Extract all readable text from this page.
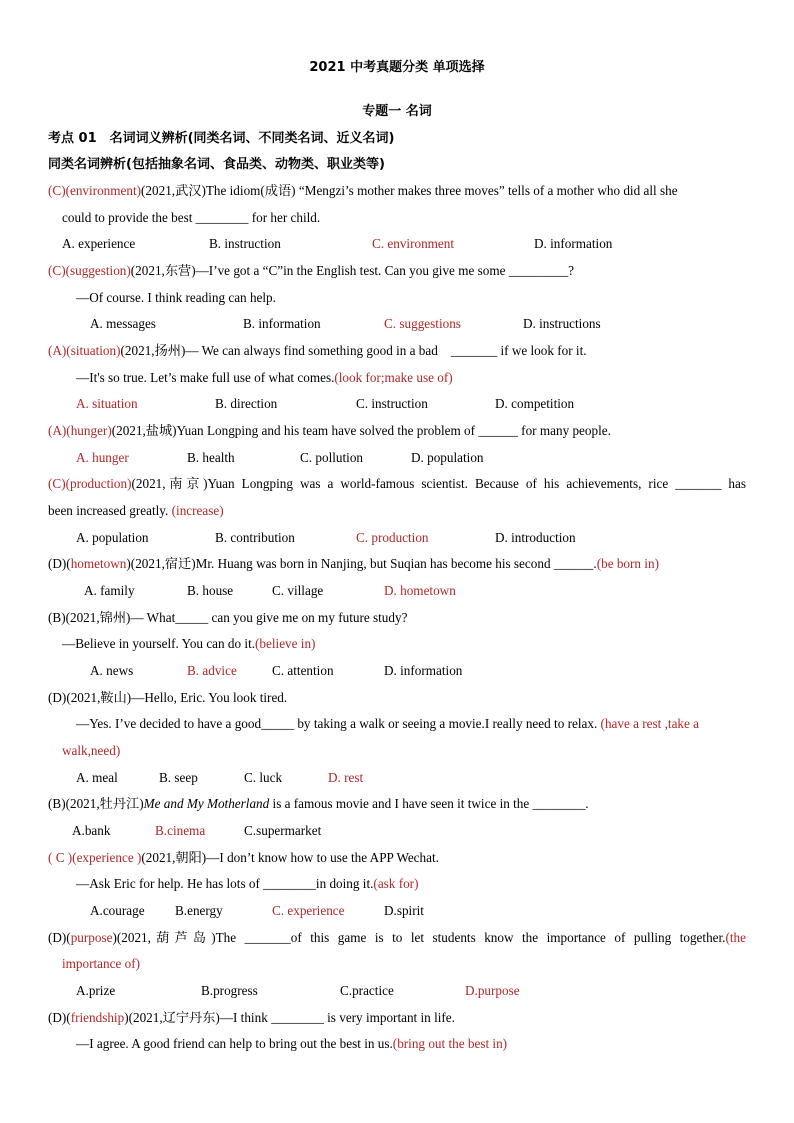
2021 中考真题分类 单项选择
专题一 名词
考点 01　名词词义辨析(同类名词、不同类名词、近义名词)
同类名词辨析(包括抽象名词、食品类、动物类、职业类等)
(C)(environment)(2021,武汉)The idiom(成语) “Mengzi’s mother makes three moves” tells of a mother who did all she
could to provide the best ________ for her child.
A. experience	B. instruction	C. environment	D. information
(C)(suggestion)(2021,东营)—I’ve got a “C”in the English test. Can you give me some _________?
—Of course. I think reading can help.
A. messages	B. information	C. suggestions	D. instructions
(A)(situation)(2021,扬州)— We can always find something good in a bad　_______ if we look for it.
—It's so true. Let’s make full use of what comes.(look for;make use of)
A. situation	B. direction	C. instruction	D. competition
(A)(hunger)(2021,盐城)Yuan Longping and his team have solved the problem of ______ for many people.
A. hunger	B. health	C. pollution	D. population
(C)(production)(2021,南京)Yuan Longping was a world-famous scientist. Because of his achievements, rice _______ has
been increased greatly. (increase)
A. population	B. contribution	C. production	D. introduction
(D)(hometown)(2021,宿迁)Mr. Huang was born in Nanjing, but Suqian has become his second ______.(be born in)
A. family	B. house	C. village	D. hometown
(B)(2021,锦州)— What_____ can you give me on my future study?
—Believe in yourself. You can do it.(believe in)
A. news	B. advice	C. attention	D. information
(D)(2021,鞍山)—Hello, Eric. You look tired.
—Yes. I’ve decided to have a good_____ by taking a walk or seeing a movie.I really need to relax. (have a rest ,take a
walk,need)
A. meal	B. seep	C. luck	D. rest
(B)(2021,牡丹江)Me and My Motherland is a famous movie and I have seen it twice in the ________.
A.bank	B.cinema	C.supermarket
( C )(experience )(2021,朝阳)—I don’t know how to use the APP Wechat.
—Ask Eric for help. He has lots of ________in doing it.(ask for)
A.courage B.energy	C. experience	D.spirit
(D)(purpose)(2021,葫芦岛)The _______of this game is to let students know the importance of pulling together.(the
importance of)
A.prize	B.progress	C.practice	D.purpose
(D)(friendship)(2021,辽宁丹东)—I think ________ is very important in life.
—I agree. A good friend can help to bring out the best in us.(bring out the best in)
